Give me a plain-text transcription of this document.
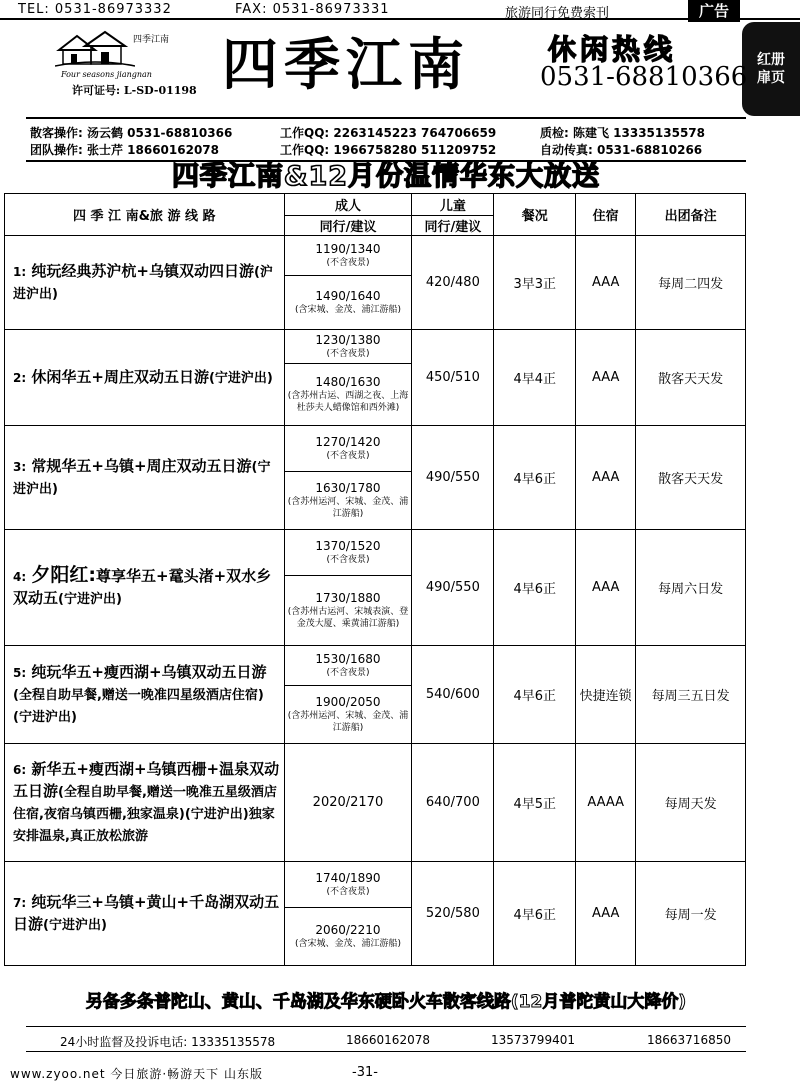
TEL: 0531-86973332	FAX: 0531-86973331	旅游同行免费索刊	广告
红册扉页
四季江南
Four seasons jiangnan
许可证号: L-SD-01198 四季江南	休闲热线
0531-68810366
散客操作: 汤云鹤 0531-68810366	工作QQ: 2263145223 764706659	质检: 陈建飞 13335135578
团队操作: 张士芹 18660162078	工作QQ: 1966758280 511209752	自动传真: 0531-68810266
四季江南&12月份温情华东大放送
四 季 江 南&旅 游 线 路	成人	儿童	餐况	住宿	出团备注
	同行/建议	同行/建议			
1: 纯玩经典苏沪杭+乌镇双动四日游(沪进沪出)	1190/1340
(不含夜景)	420/480	3早3正	AAA	每周二四发
	1490/1640
(含宋城、金茂、浦江游船)				

2: 休闲华五+周庄双动五日游(宁进沪出)	1230/1380
(不含夜景)	450/510	4早4正	AAA	散客天天发
	1480/1630
(含苏州古运、西湖之夜、上海杜莎夫人蜡像馆和西外滩)				

3: 常规华五+乌镇+周庄双动五日游(宁进沪出)	1270/1420
(不含夜景)	490/550	4早6正	AAA	散客天天发
	1630/1780
(含苏州运河、宋城、金茂、浦江游船)				

4: 夕阳红:尊享华五+鼋头渚+双水乡双动五(宁进沪出)	1370/1520
(不含夜景)	490/550	4早6正	AAA	每周六日发
	1730/1880
(含苏州古运河、宋城表演、登金茂大厦、乘黄浦江游船)				

5: 纯玩华五+瘦西湖+乌镇双动五日游(全程自助早餐,赠送一晚准四星级酒店住宿)(宁进沪出)	1530/1680
(不含夜景)	540/600	4早6正	快捷连锁	每周三五日发
	1900/2050
(含苏州运河、宋城、金茂、浦江游船)				

6: 新华五+瘦西湖+乌镇西栅+温泉双动五日游(全程自助早餐,赠送一晚准五星级酒店住宿,夜宿乌镇西栅,独家温泉)(宁进沪出)独家安排温泉,真正放松旅游	2020/2170	640/700	4早5正	AAAA	每周天发
7: 纯玩华三+乌镇+黄山+千岛湖双动五日游(宁进沪出)	1740/1890
(不含夜景)	520/580	4早6正	AAA	每周一发
	2060/2210
(含宋城、金茂、浦江游船)				
另备多条普陀山、黄山、千岛湖及华东硬卧火车散客线路(12月普陀黄山大降价)
24小时监督及投诉电话: 13335135578	18660162078	13573799401	18663716850
www.zyoo.net 今日旅游·畅游天下 山东版	-31-
